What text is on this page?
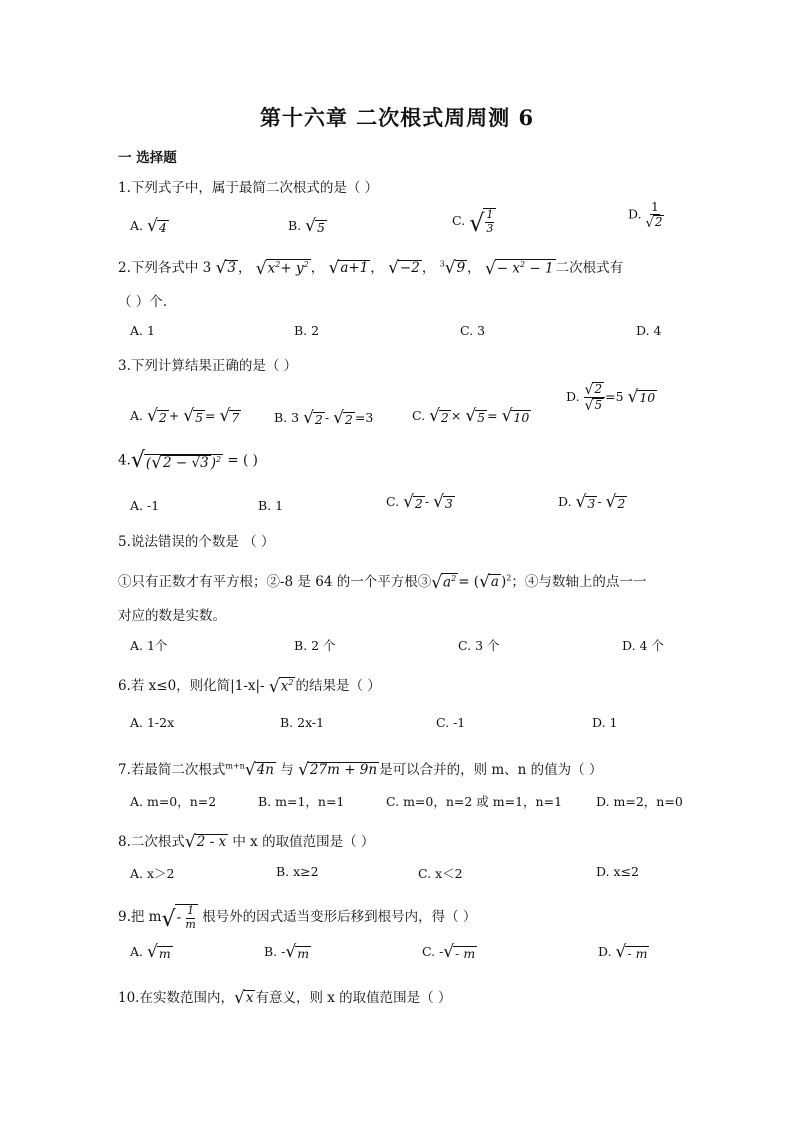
第十六章 二次根式周周测 6
一 选择题
1.下列式子中，属于最简二次根式的是（ ）
A. √ 4	B. √ 5	C. √ $\frac{1}{3}$	D. $\frac{1}{√ 2}$
2.下列各式中 3 √ 3 ， √ $x^2+ y^2$ ， √ a+1 ， √ −2 ， $^3$ √ 9 ， √ − $x^2 - 1$ 二次根式有
（ ）个.
A. 1	B. 2	C. 3	D. 4
3.下列计算结果正确的是（ ）
A. √ 2 + √ 5 = √ 7	B. 3 √ 2 - √ 2 =3	C. √ 2 × √ 5 = √ 10
D. $\frac{√ 2}{√ 5} =5$ √ 10
4. √ ( √ 2 − √3 )$^2$ = ( )
A. -1	B. 1	C. √ 2 - √ 3	D. √ 3 - √ 2
5.说法错误的个数是 （ ）
①只有正数才有平方根；②-8 是 64 的一个平方根③ √ $a^2$ = ( √ a )$^2$；④与数轴上的点一一
对应的数是实数。
A. 1个	B. 2 个	C. 3 个	D. 4 个
6.若 x≤0，则化简|1-x|- √ $x^2$ 的结果是（ ）
A. 1-2x	B. 2x-1	C. -1	D. 1
7.若最简二次根式$^{m+n}$ √ 4n 与 √ 27m + 9n 是可以合并的，则 m、n 的值为（ ）
A. m=0，n=2	B. m=1，n=1	C. m=0，n=2 或 m=1，n=1	D. m=2，n=0
8.二次根式 √ 2 - x 中 x 的取值范围是（ ）
A. x＞2	B. x≥2	C. x＜2	D. x≤2
9.把 m √ - $\frac{1}{m}$ 根号外的因式适当变形后移到根号内，得（ ）
A. √ m	B. - √ m	C. - √ - m	D. √ - m
10.在实数范围内， √ x 有意义，则 x 的取值范围是（ ）
